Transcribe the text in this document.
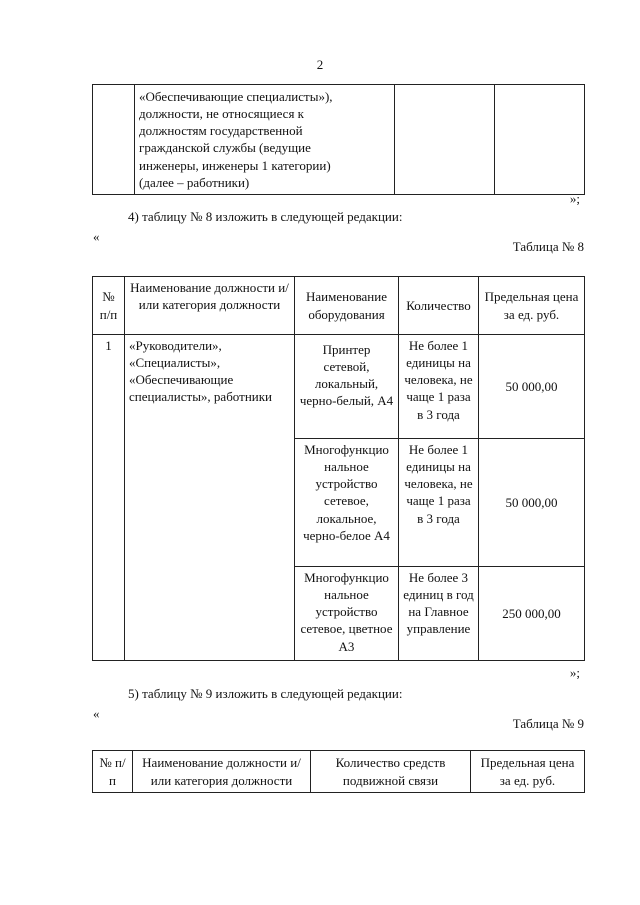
2

«Обеспечивающие специалисты»),
должности, не относящиеся к
должностям государственной
гражданской службы (ведущие
инженеры, инженеры 1 категории)
(далее – работники)

»;
4) таблицу № 8 изложить в следующей редакции:
«
Таблица № 8
№ п/п	Наименование должности и/ или категория должности	Наименование оборудования	Количество	Предельная цена за ед. руб.
1	«Руководители», «Специалисты», «Обеспечивающие специалисты», работники	Принтер сетевой, локальный, черно-белый, А4	Не более 1 единицы на человека, не чаще 1 раза в 3 года	50 000,00
		Многофункцио нальное устройство сетевое, локальное, черно-белое А4	Не более 1 единицы на человека, не чаще 1 раза в 3 года	50 000,00
		Многофункцио нальное устройство сетевое, цветное А3	Не более 3 единиц в год на Главное управление	250 000,00
»;
5) таблицу № 9 изложить в следующей редакции:
«
Таблица № 9
№ п/п	Наименование должности и/или категория должности	Количество средств подвижной связи	Предельная цена за ед. руб.
